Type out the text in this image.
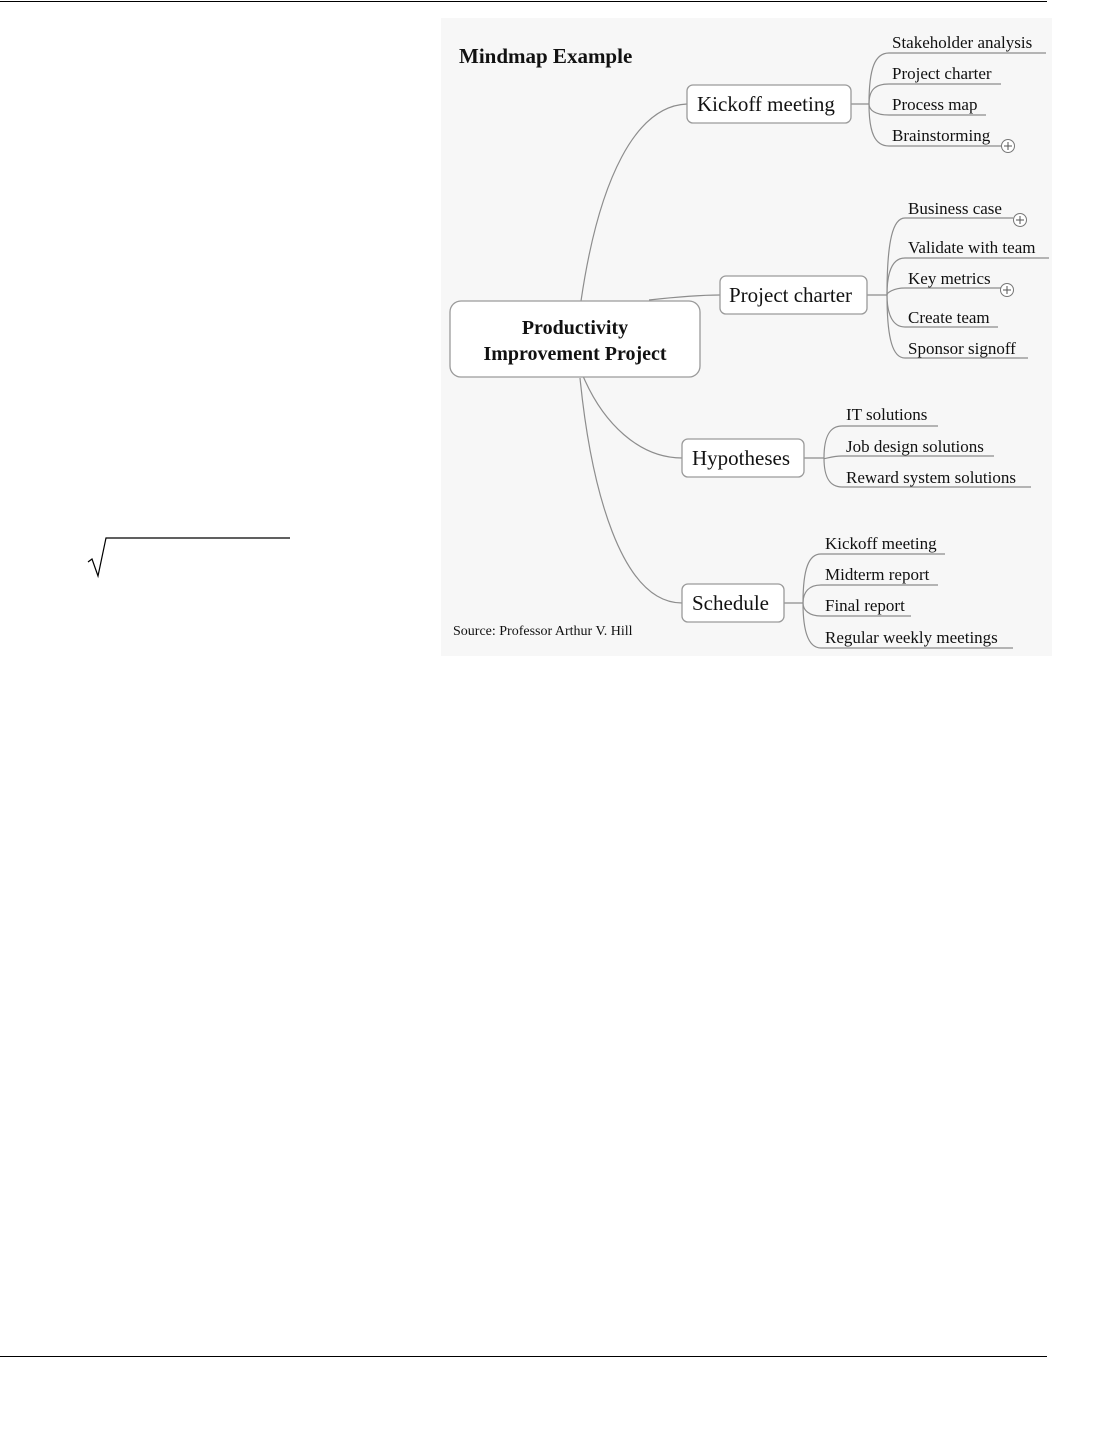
Mindmap Example
Productivity
Improvement Project
Kickoff meeting
Stakeholder analysis
Project charter
Process map
Brainstorming
Project charter
Business case
Validate with team
Key metrics
Create team
Sponsor signoff
Hypotheses
IT solutions
Job design solutions
Reward system solutions
Schedule
Kickoff meeting
Midterm report
Final report
Regular weekly meetings
Source: Professor Arthur V. Hill
